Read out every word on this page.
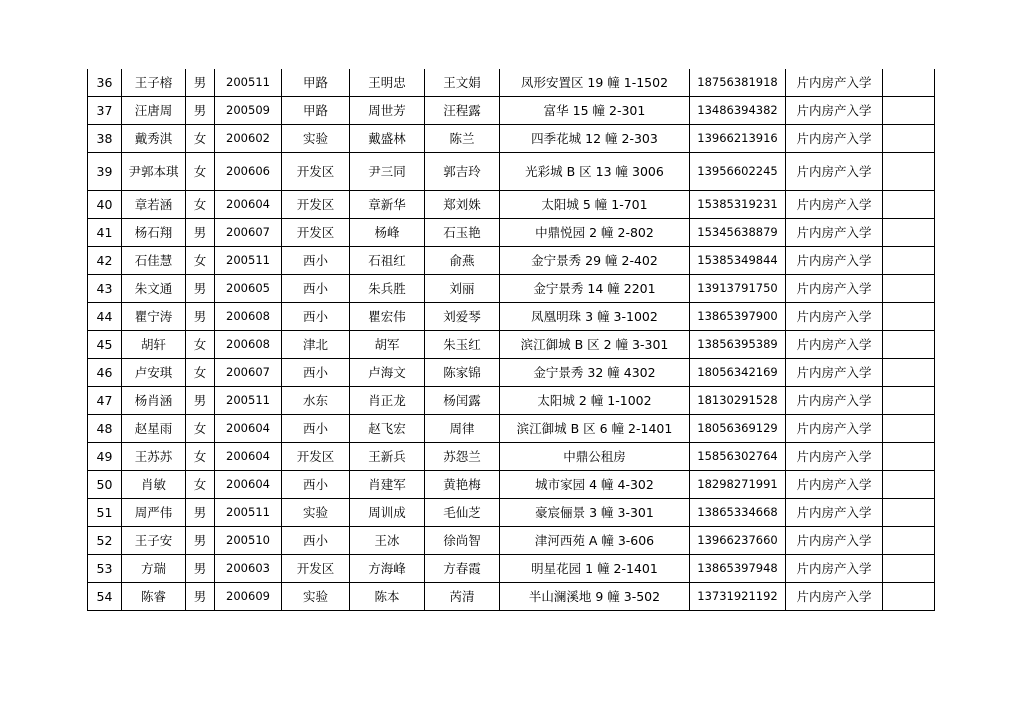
36	王子榕	男	200511	甲路	王明忠	王文娟	凤形安置区 19 幢 1-1502	18756381918	片内房产入学	
37	汪唐周	男	200509	甲路	周世芳	汪程露	富华 15 幢 2-301	13486394382	片内房产入学	
38	戴秀淇	女	200602	实验	戴盛林	陈兰	四季花城 12 幢 2-303	13966213916	片内房产入学	
39	尹郭本琪	女	200606	开发区	尹三同	郭吉玲	光彩城 B 区 13 幢 3006	13956602245	片内房产入学	
40	章若涵	女	200604	开发区	章新华	郑刘姝	太阳城 5 幢 1-701	15385319231	片内房产入学	
41	杨石翔	男	200607	开发区	杨峰	石玉艳	中鼎悦园 2 幢 2-802	15345638879	片内房产入学	
42	石佳慧	女	200511	西小	石祖红	俞燕	金宁景秀 29 幢 2-402	15385349844	片内房产入学	
43	朱文通	男	200605	西小	朱兵胜	刘丽	金宁景秀 14 幢 2201	13913791750	片内房产入学	
44	瞿宁涛	男	200608	西小	瞿宏伟	刘爱琴	凤凰明珠 3 幢 3-1002	13865397900	片内房产入学	
45	胡轩	女	200608	津北	胡军	朱玉红	滨江御城 B 区 2 幢 3-301	13856395389	片内房产入学	
46	卢安琪	女	200607	西小	卢海文	陈家锦	金宁景秀 32 幢 4302	18056342169	片内房产入学	
47	杨肖涵	男	200511	水东	肖正龙	杨闰露	太阳城 2 幢 1-1002	18130291528	片内房产入学	
48	赵星雨	女	200604	西小	赵飞宏	周律	滨江御城 B 区 6 幢 2-1401	18056369129	片内房产入学	
49	王苏苏	女	200604	开发区	王新兵	苏怨兰	中鼎公租房	15856302764	片内房产入学	
50	肖敏	女	200604	西小	肖建军	黄艳梅	城市家园 4 幢 4-302	18298271991	片内房产入学	
51	周严伟	男	200511	实验	周训成	毛仙芝	豪宸俪景 3 幢 3-301	13865334668	片内房产入学	
52	王子安	男	200510	西小	王冰	徐尚智	津河西苑 A 幢 3-606	13966237660	片内房产入学	
53	方瑞	男	200603	开发区	方海峰	方春霞	明星花园 1 幢 2-1401	13865397948	片内房产入学	
54	陈睿	男	200609	实验	陈本	芮清	半山澜溪地 9 幢 3-502	13731921192	片内房产入学	
